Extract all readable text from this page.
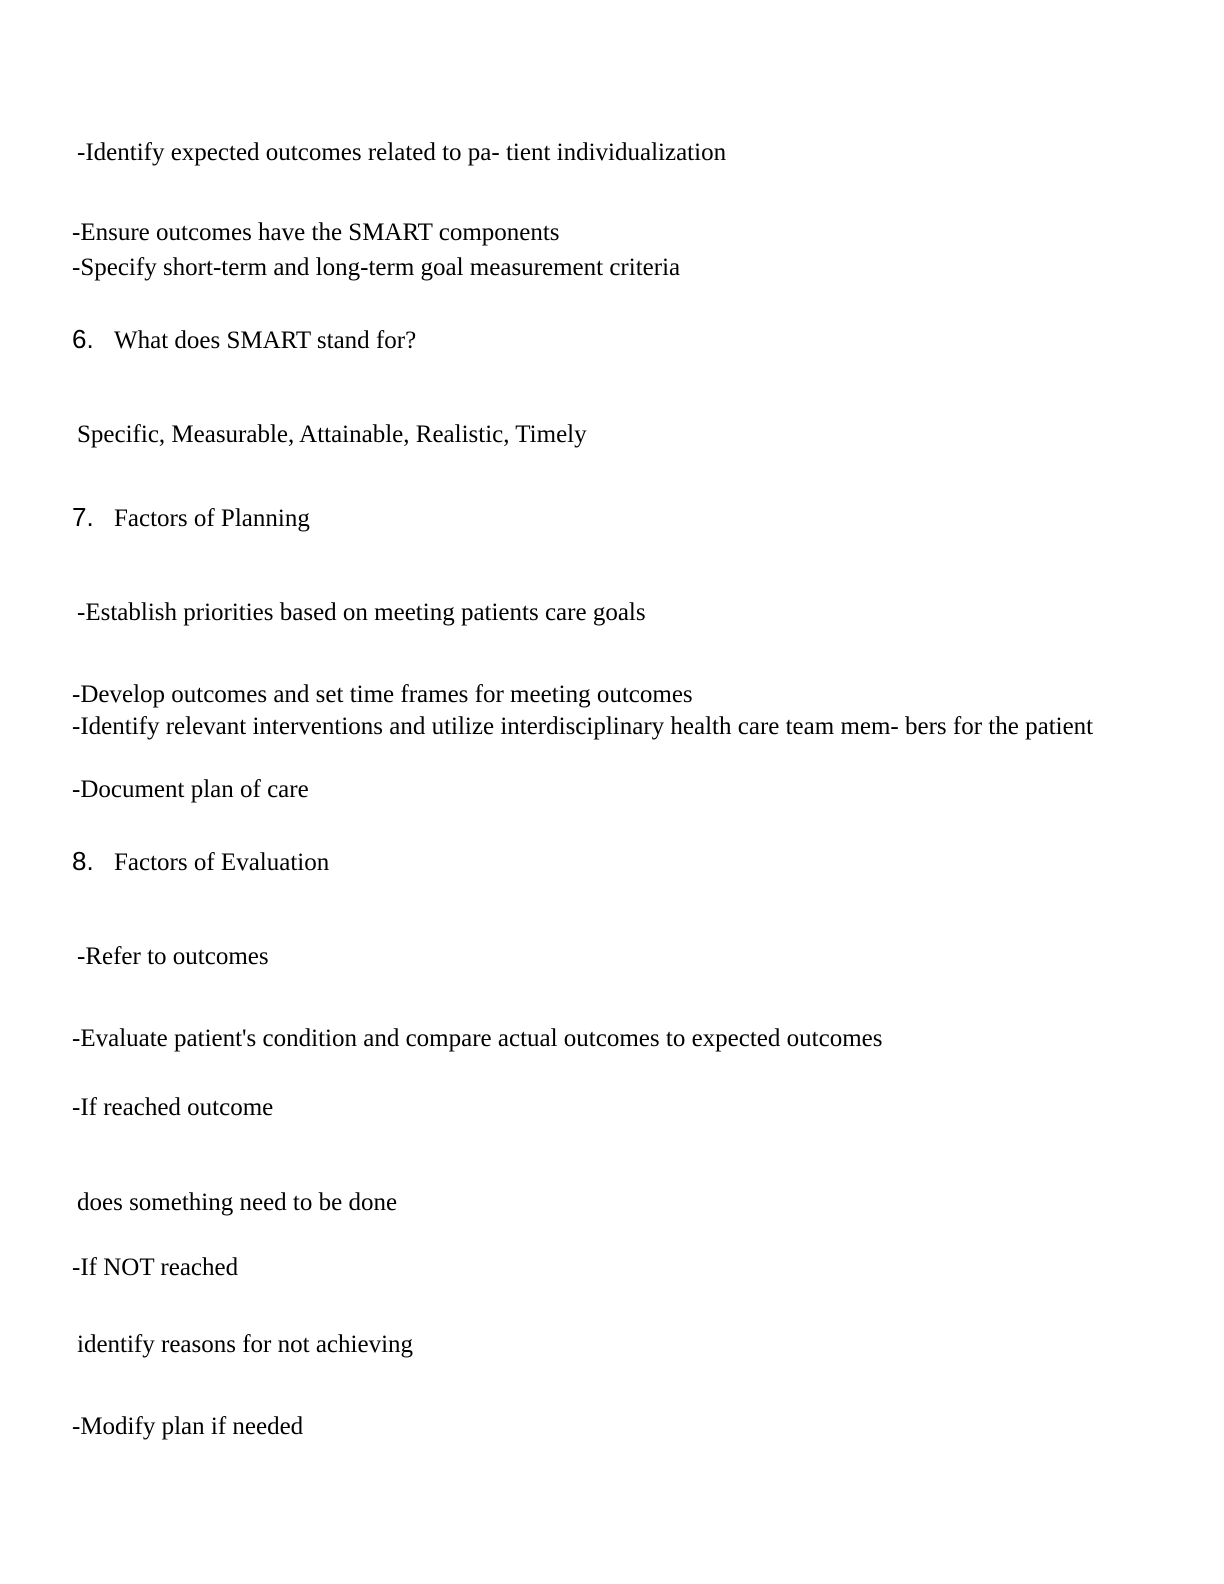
-Identify expected outcomes related to pa- tient individualization

-Ensure outcomes have the SMART components

-Specify short-term and long-term goal measurement criteria

6. What does SMART stand for?

Specific, Measurable, Attainable, Realistic, Timely

7. Factors of Planning

-Establish priorities based on meeting patients care goals

-Develop outcomes and set time frames for meeting outcomes

-Identify relevant interventions and utilize interdisciplinary health care team mem- bers for the patient

-Document plan of care

8. Factors of Evaluation

-Refer to outcomes

-Evaluate patient's condition and compare actual outcomes to expected outcomes

-If reached outcome

does something need to be done

-If NOT reached

identify reasons for not achieving

-Modify plan if needed
